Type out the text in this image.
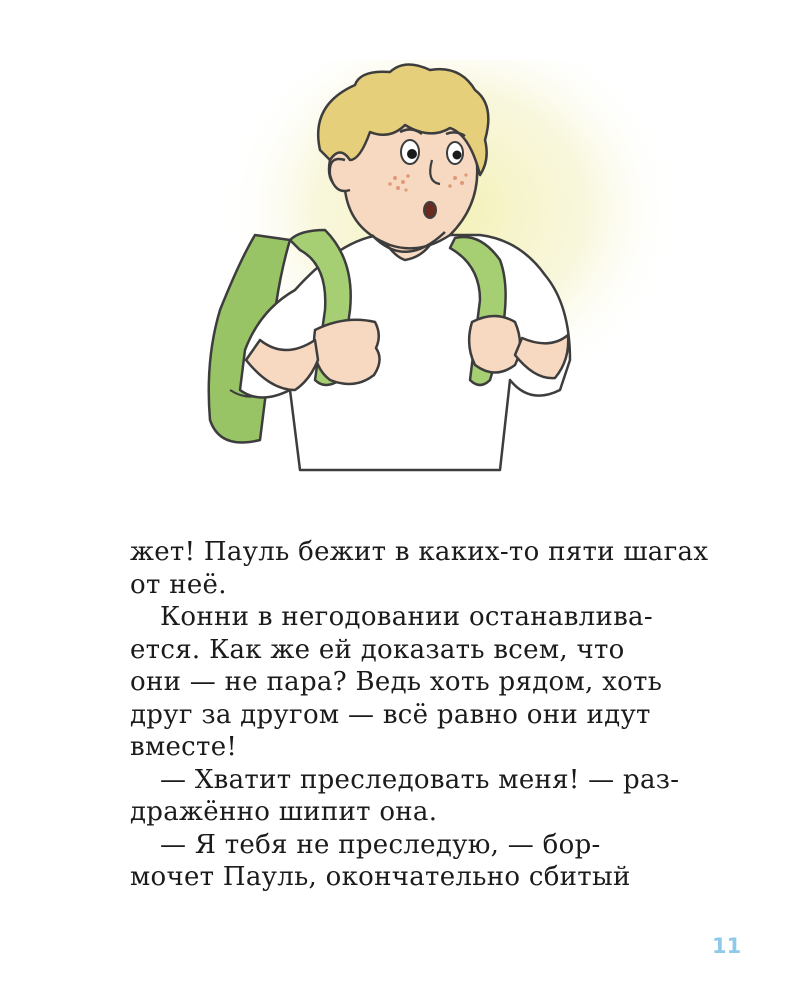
жет! Пауль бежит в каких-то пяти шагах
от неё.
Конни в негодовании останавлива-
ется. Как же ей доказать всем, что
они — не пара? Ведь хоть рядом, хоть
друг за другом — всё равно они идут
вместе!
— Хватит преследовать меня! — раз-
дражённо шипит она.
— Я тебя не преследую, — бор-
мочет Пауль, окончательно сбитый
11
